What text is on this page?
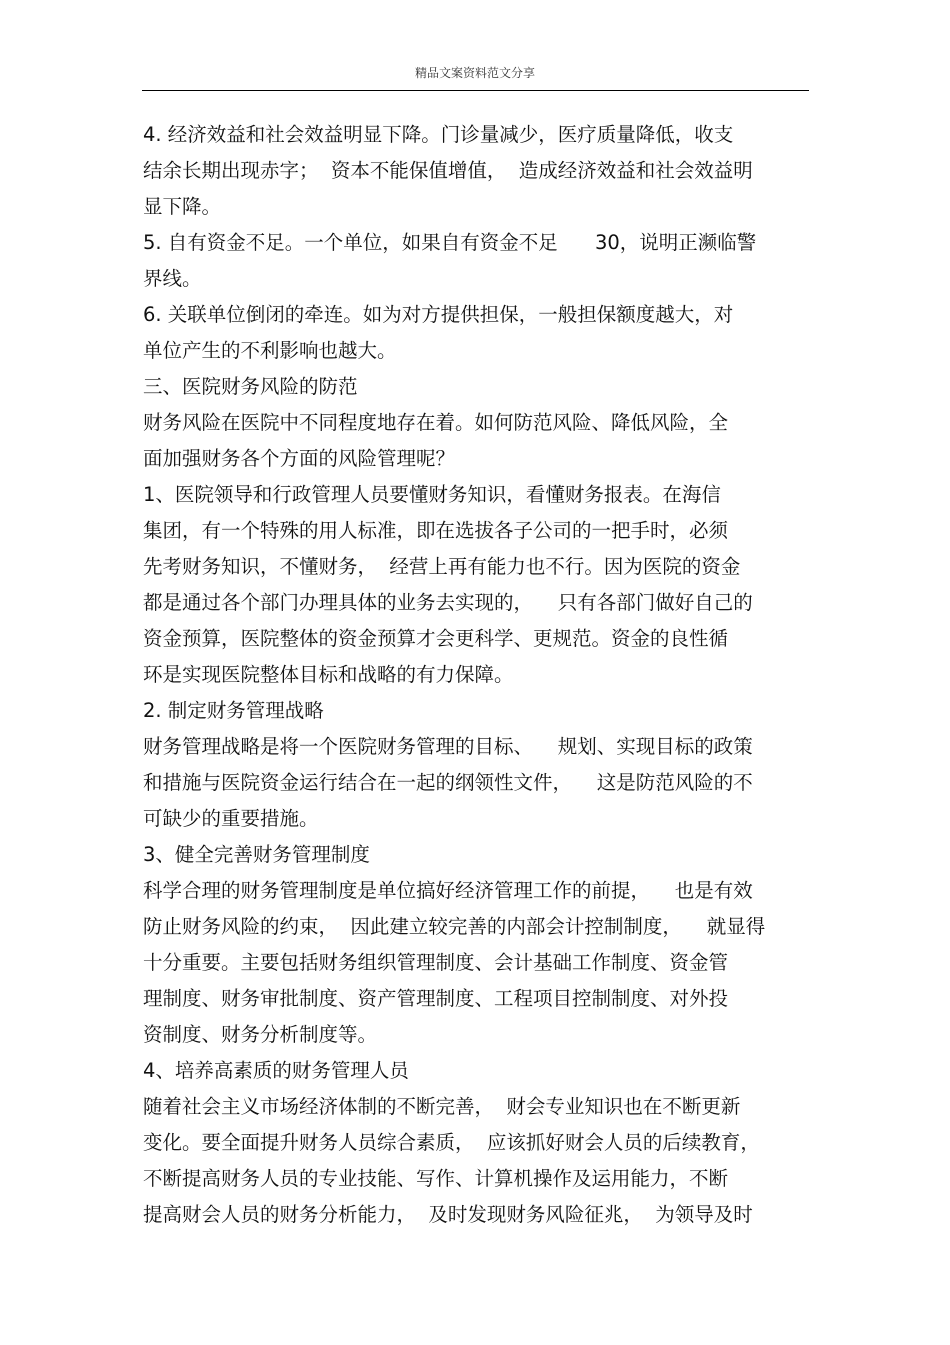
精品文案资料范文分享
4. 经济效益和社会效益明显下降。门诊量减少，医疗质量降低，收支
结余长期出现赤字；  资本不能保值增值，  造成经济效益和社会效益明
显下降。
5. 自有资金不足。一个单位，如果自有资金不足      30，说明正濒临警
界线。
6. 关联单位倒闭的牵连。如为对方提供担保，一般担保额度越大，对
单位产生的不利影响也越大。
三、医院财务风险的防范
财务风险在医院中不同程度地存在着。如何防范风险、降低风险，全
面加强财务各个方面的风险管理呢？
1、医院领导和行政管理人员要懂财务知识，看懂财务报表。在海信
集团，有一个特殊的用人标准，即在选拔各子公司的一把手时，必须
先考财务知识，不懂财务，  经营上再有能力也不行。因为医院的资金
都是通过各个部门办理具体的业务去实现的，    只有各部门做好自己的
资金预算，医院整体的资金预算才会更科学、更规范。资金的良性循
环是实现医院整体目标和战略的有力保障。
2. 制定财务管理战略
财务管理战略是将一个医院财务管理的目标、    规划、实现目标的政策
和措施与医院资金运行结合在一起的纲领性文件，    这是防范风险的不
可缺少的重要措施。
3、健全完善财务管理制度
科学合理的财务管理制度是单位搞好经济管理工作的前提，    也是有效
防止财务风险的约束，  因此建立较完善的内部会计控制制度，    就显得
十分重要。主要包括财务组织管理制度、会计基础工作制度、资金管
理制度、财务审批制度、资产管理制度、工程项目控制制度、对外投
资制度、财务分析制度等。
4、培养高素质的财务管理人员
随着社会主义市场经济体制的不断完善，  财会专业知识也在不断更新
变化。要全面提升财务人员综合素质，  应该抓好财会人员的后续教育，
不断提高财务人员的专业技能、写作、计算机操作及运用能力，不断
提高财会人员的财务分析能力，  及时发现财务风险征兆，  为领导及时
